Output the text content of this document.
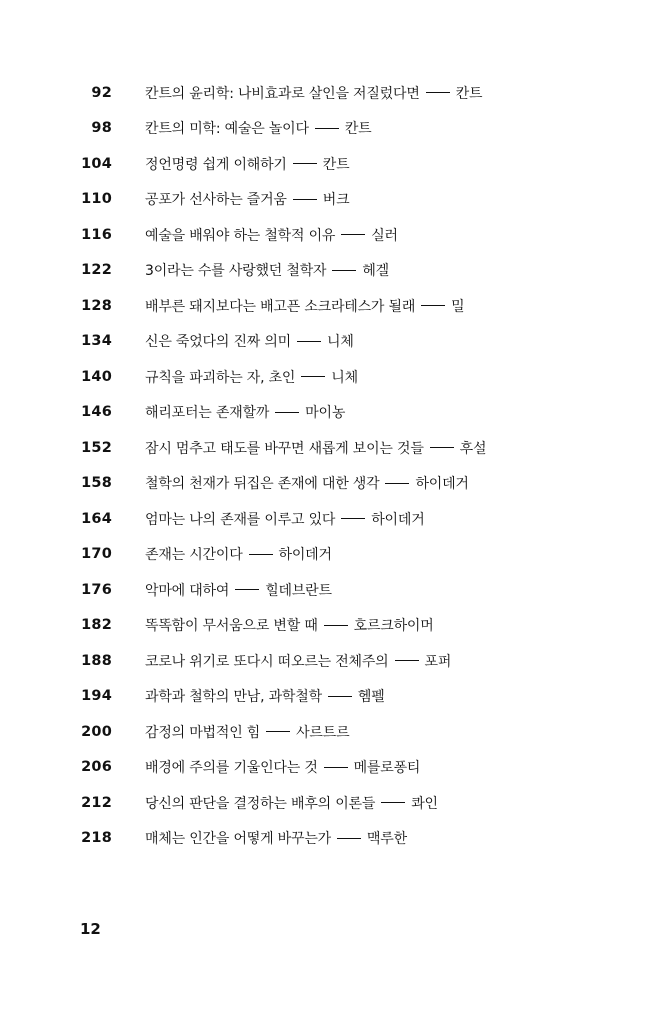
92 칸트의 윤리학: 나비효과로 살인을 저질렀다면	칸트
98 칸트의 미학: 예술은 놀이다	칸트
104 정언명령 쉽게 이해하기	칸트
110 공포가 선사하는 즐거움	버크
116 예술을 배워야 하는 철학적 이유	실러
122 3이라는 수를 사랑했던 철학자	헤겔
128 배부른 돼지보다는 배고픈 소크라테스가 될래	밀
134 신은 죽었다의 진짜 의미	니체
140 규칙을 파괴하는 자, 초인	니체
146 해리포터는 존재할까	마이농
152 잠시 멈추고 태도를 바꾸면 새롭게 보이는 것들	후설
158 철학의 천재가 뒤집은 존재에 대한 생각	하이데거
164 엄마는 나의 존재를 이루고 있다	하이데거
170 존재는 시간이다	하이데거
176 악마에 대하여	힐데브란트
182 똑똑함이 무서움으로 변할 때	호르크하이머
188 코로나 위기로 또다시 떠오르는 전체주의	포퍼
194 과학과 철학의 만남, 과학철학	헴펠
200 감정의 마법적인 힘	사르트르
206 배경에 주의를 기울인다는 것	메를로퐁티
212 당신의 판단을 결정하는 배후의 이론들	콰인
218 매체는 인간을 어떻게 바꾸는가	맥루한
12
